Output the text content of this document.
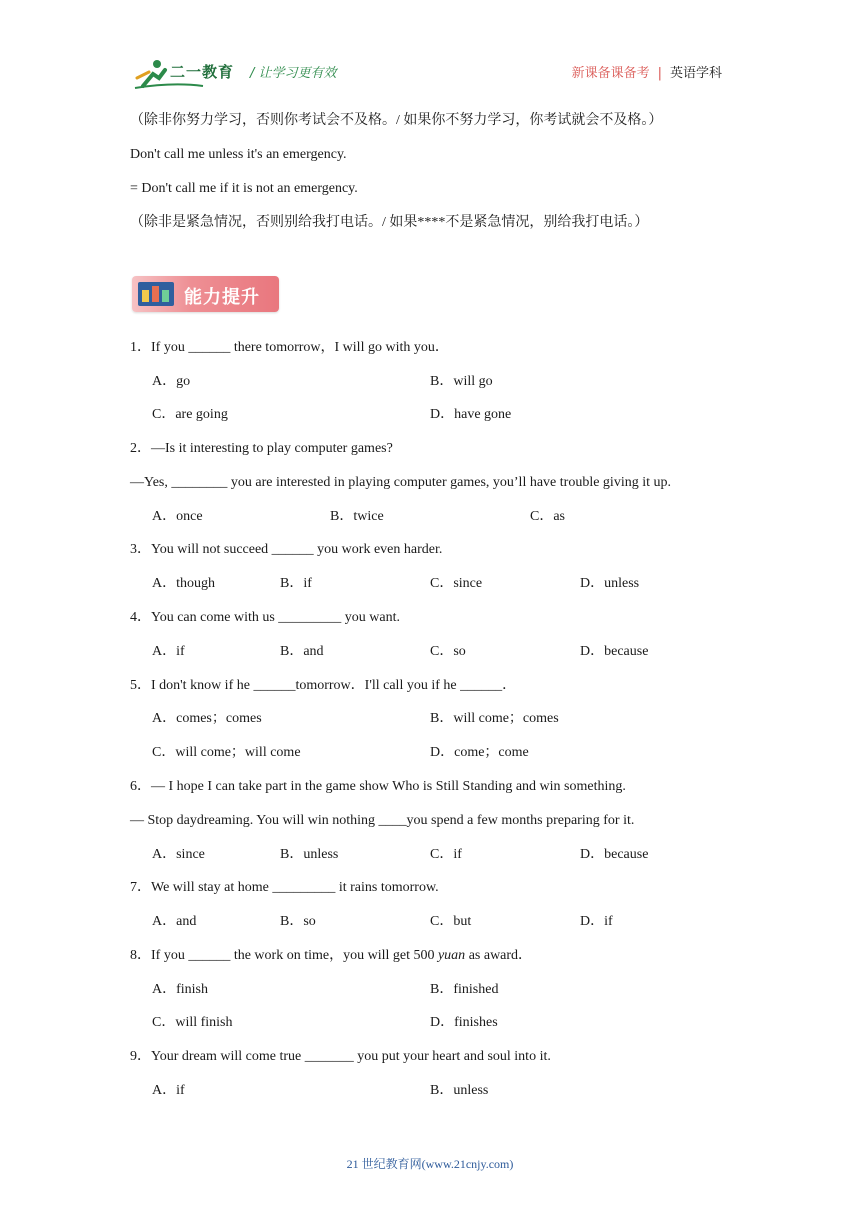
二一教育 / 让学习更有效	新课备课备考 | 英语学科
（除非你努力学习，否则你考试会不及格。/ 如果你不努力学习，你考试就会不及格。）
Don't call me unless it's an emergency.
= Don't call me if it is not an emergency.
（除非是紧急情况，否则别给我打电话。/ 如果****不是紧急情况，别给我打电话。）
能力提升
1．If you ______ there tomorrow，I will go with you．
A．go	B．will go
C．are going	D．have gone
2．—Is it interesting to play computer games?
—Yes, ________ you are interested in playing computer games, you’ll have trouble giving it up.
A．once	B．twice	C．as
3．You will not succeed ______ you work even harder.
A．though	B．if	C．since	D．unless
4．You can come with us _________ you want.
A．if	B．and	C．so	D．because
5．I don't know if he ______tomorrow．I'll call you if he ______．
A．comes；comes	B．will come；comes
C．will come；will come	D．come；come
6．— I hope I can take part in the game show Who is Still Standing and win something.
— Stop daydreaming. You will win nothing ____you spend a few months preparing for it.
A．since	B．unless	C．if	D．because
7．We will stay at home _________ it rains tomorrow.
A．and	B．so	C．but	D．if
8．If you ______ the work on time，you will get 500 yuan as award．
A．finish	B．finished
C．will finish	D．finishes
9．Your dream will come true _______ you put your heart and soul into it.
A．if	B．unless
21 世纪教育网(www.21cnjy.com)
